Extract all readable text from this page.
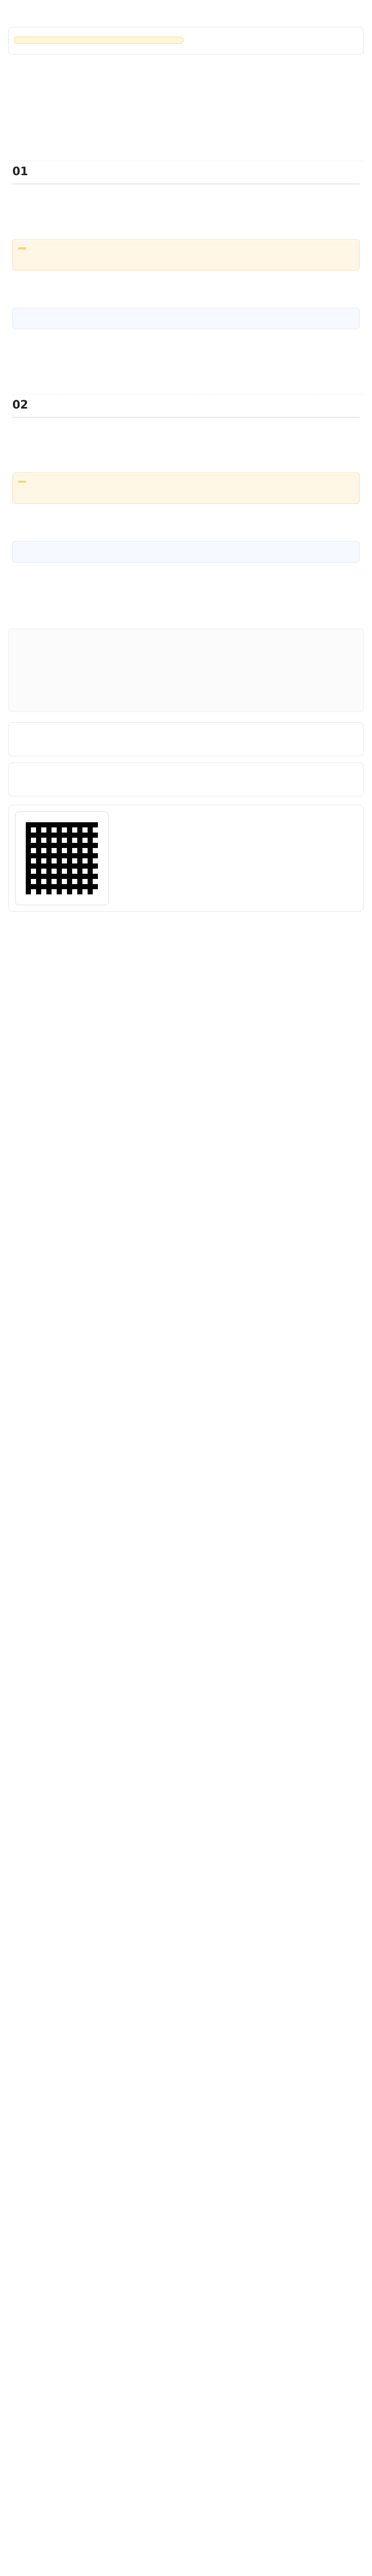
01

02
